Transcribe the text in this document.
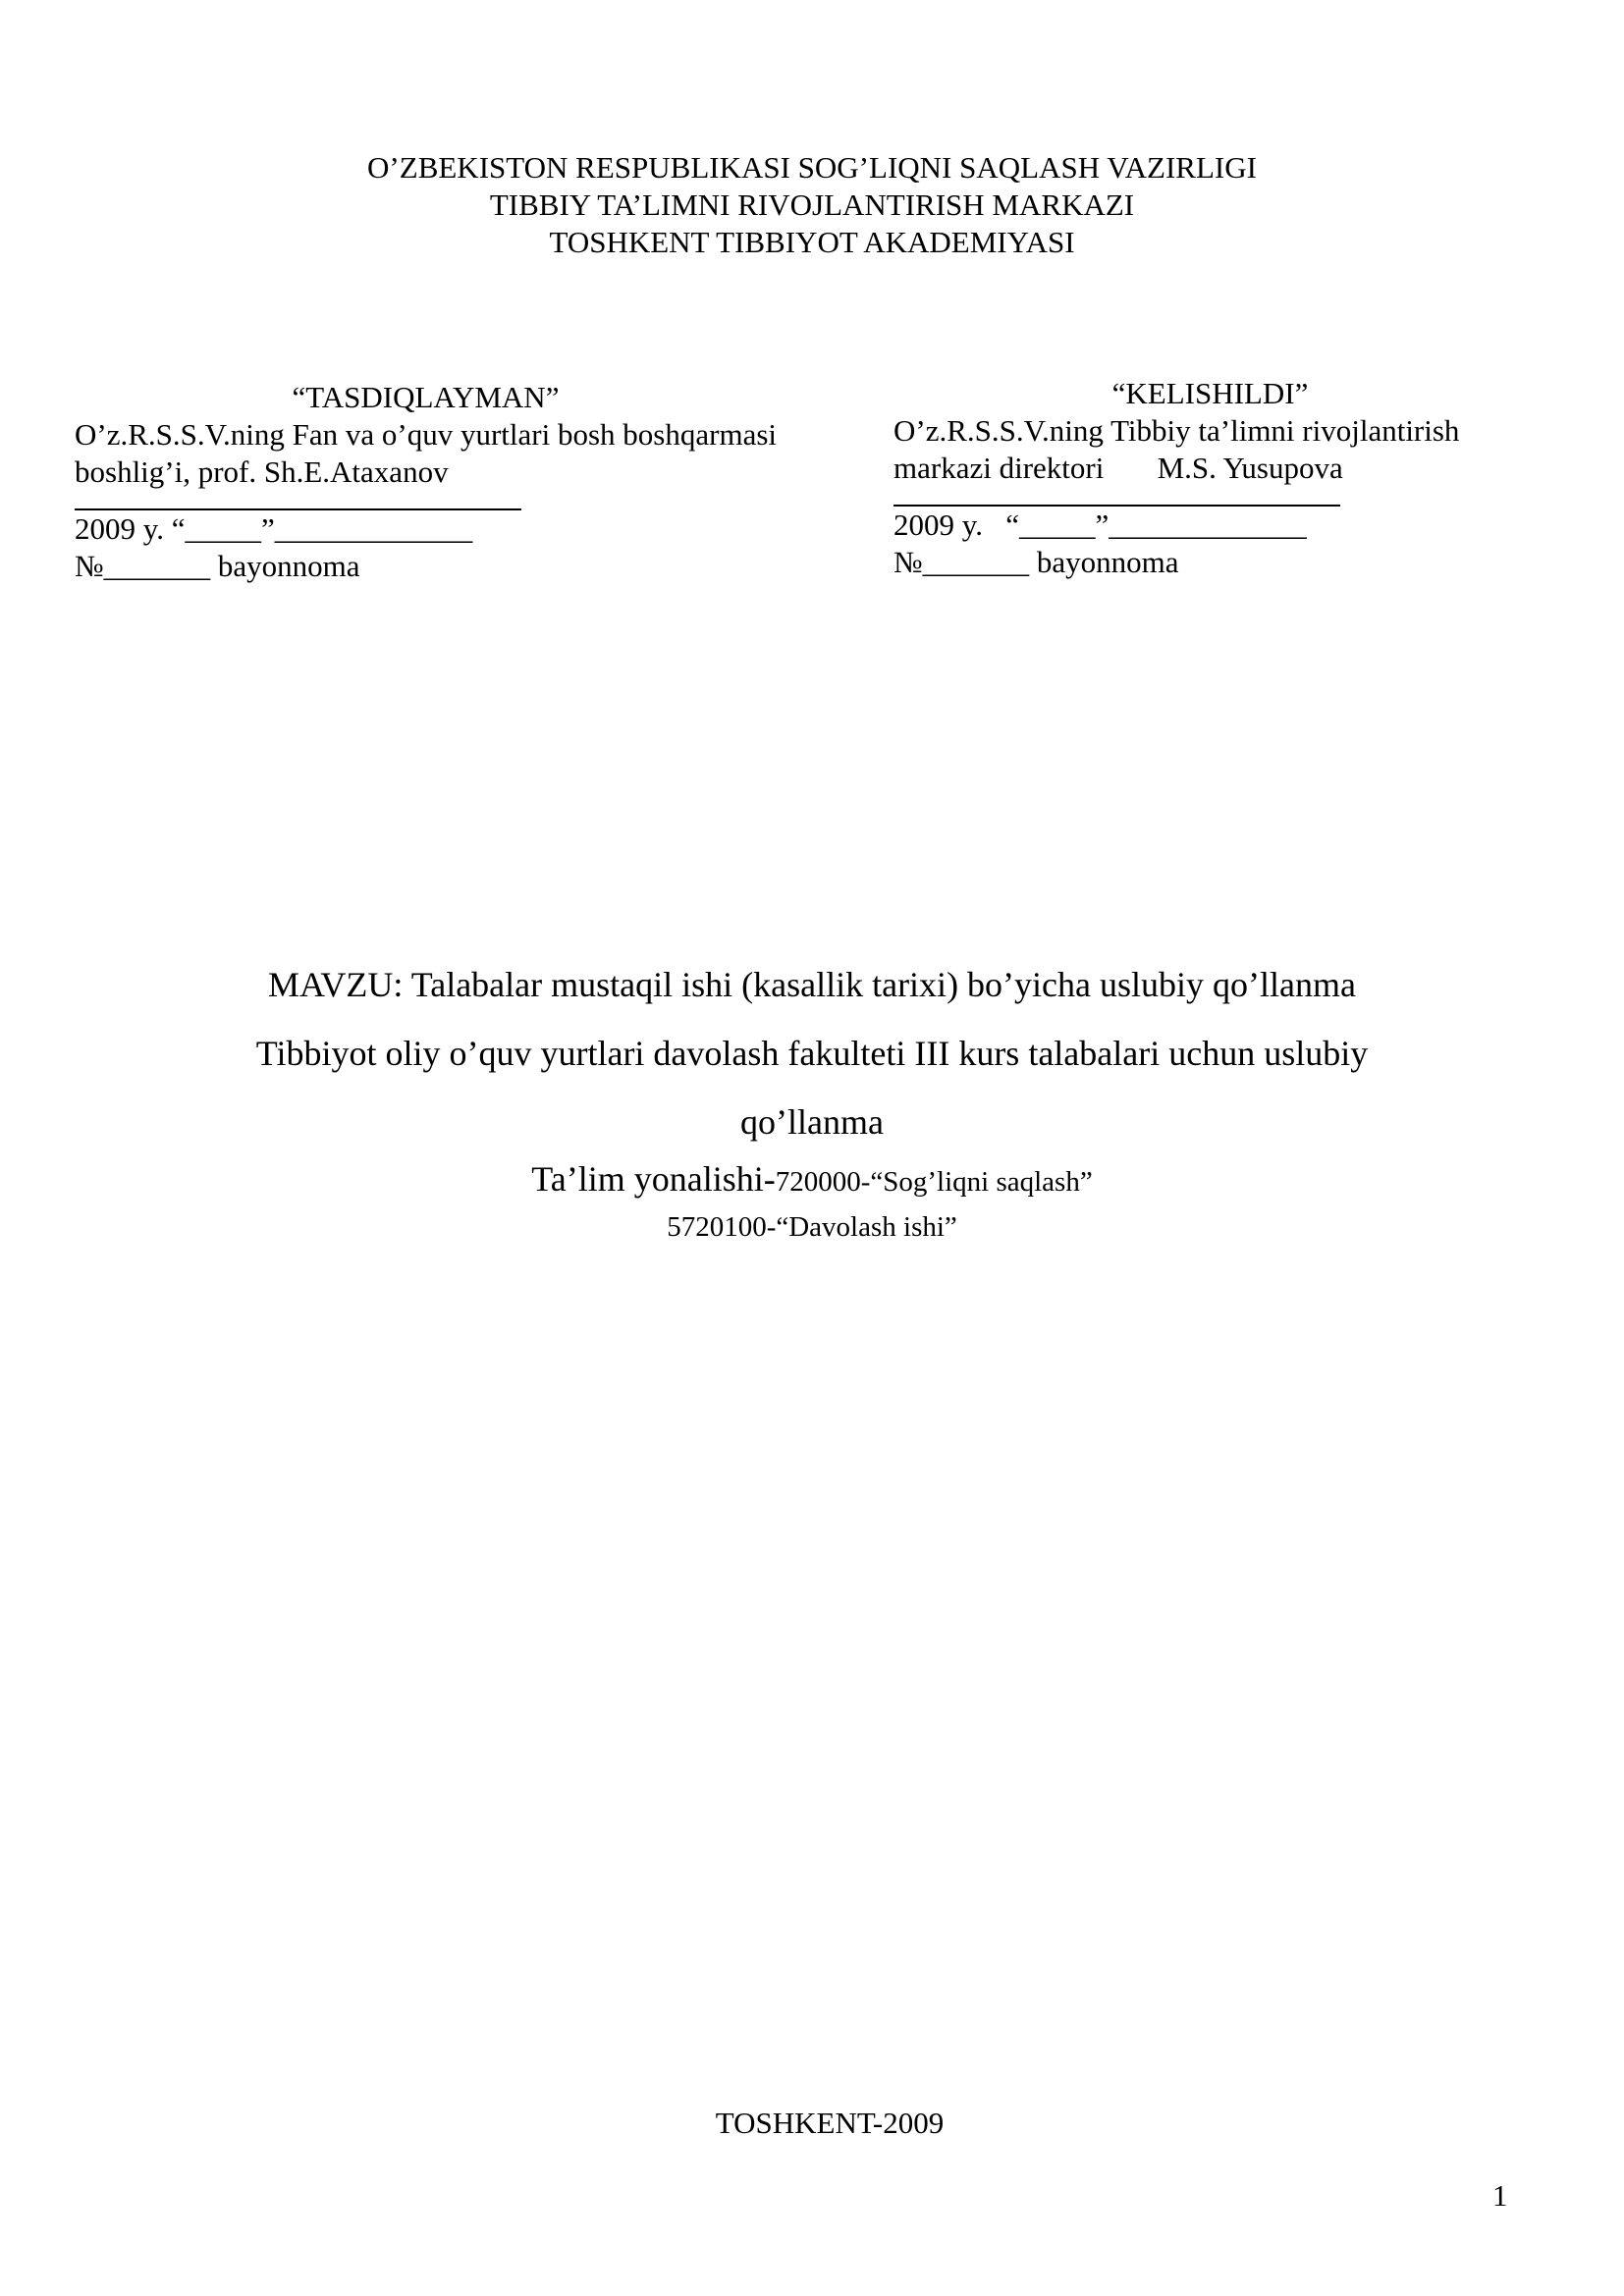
O’ZBEKISTON RESPUBLIKASI SOG’LIQNI SAQLASH VAZIRLIGI
TIBBIY TA’LIMNI RIVOJLANTIRISH MARKAZI
TOSHKENT TIBBIYOT AKADEMIYASI
“TASDIQLAYMAN”
O’z.R.S.S.V.ning Fan va o’quv yurtlari bosh boshqarmasi boshlig’i, prof. Sh.E.Ataxanov
2009 y. “_____”_____________
№_______ bayonnoma
“KELISHILDI”
O’z.R.S.S.V.ning Tibbiy ta’limni rivojlantirish
markazi direktori       M.S. Yusupova
2009 y.   “_____”_____________
№_______ bayonnoma
MAVZU: Talabalar mustaqil ishi (kasallik tarixi) bo’yicha uslubiy qo’llanma
Tibbiyot oliy o’quv yurtlari davolash fakulteti III kurs talabalari uchun uslubiy
qo’llanma
Ta’lim yonalishi-720000-“Sog’liqni saqlash”
5720100-“Davolash ishi”
TOSHKENT-2009
1
